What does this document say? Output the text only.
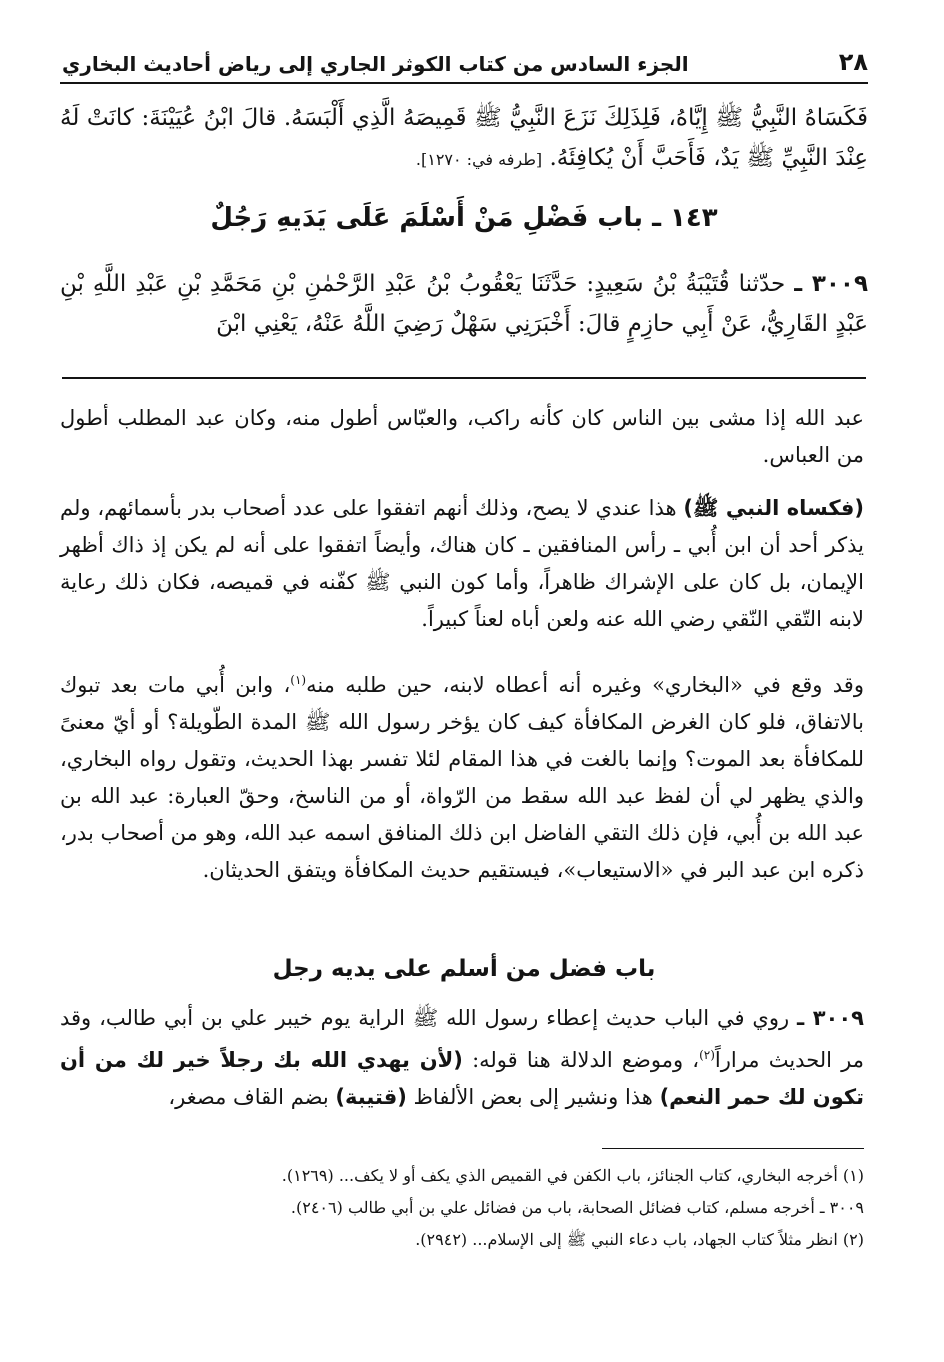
٢٨
الجزء السادس من كتاب الكوثر الجاري إلى رياض أحاديث البخاري
فَكَسَاهُ النَّبِيُّ ﷺ إِيَّاهُ، فَلِذَلِكَ نَزَعَ النَّبِيُّ ﷺ قَمِيصَهُ الَّذِي أَلْبَسَهُ. قالَ ابْنُ عُيَيْنَةَ: كانَتْ لَهُ عِنْدَ النَّبِيِّ ﷺ يَدٌ، فَأَحَبَّ أَنْ يُكافِئَهُ. [طرفه في: ١٢٧٠].
١٤٣ ـ باب فَضْلِ مَنْ أَسْلَمَ عَلَى يَدَيهِ رَجُلٌ
٣٠٠٩ ـ حدّثنا قُتَيْبَةُ بْنُ سَعِيدٍ: حَدَّثَنَا يَعْقُوبُ بْنُ عَبْدِ الرَّحْمٰنِ بْنِ مَحَمَّدِ بْنِ عَبْدِ اللَّهِ بْنِ عَبْدٍ القَارِيُّ، عَنْ أَبِي حازِمٍ قالَ: أَخْبَرَنِي سَهْلٌ رَضِيَ اللَّهُ عَنْهُ، يَعْنِي ابْنَ

عبد الله إذا مشى بين الناس كان كأنه راكب، والعبّاس أطول منه، وكان عبد المطلب أطول من العباس.

(فكساه النبي ﷺ) هذا عندي لا يصح، وذلك أنهم اتفقوا على عدد أصحاب بدر بأسمائهم، ولم يذكر أحد أن ابن أُبي ـ رأس المنافقين ـ كان هناك، وأيضاً اتفقوا على أنه لم يكن إذ ذاك أظهر الإيمان، بل كان على الإشراك ظاهراً، وأما كون النبي ﷺ كفّنه في قميصه، فكان ذلك رعاية لابنه التّقي النّقي رضي الله عنه ولعن أباه لعناً كبيراً.

وقد وقع في «البخاري» وغيره أنه أعطاه لابنه، حين طلبه منه$^{(١)}$، وابن أُبي مات بعد تبوك بالاتفاق، فلو كان الغرض المكافأة كيف كان يؤخر رسول الله ﷺ المدة الطّويلة؟ أو أيّ معنىً للمكافأة بعد الموت؟ وإنما بالغت في هذا المقام لئلا تفسر بهذا الحديث، وتقول رواه البخاري، والذي يظهر لي أن لفظ عبد الله سقط من الرّواة، أو من الناسخ، وحقّ العبارة: عبد الله بن عبد الله بن أُبي، فإن ذلك التقي الفاضل ابن ذلك المنافق اسمه عبد الله، وهو من أصحاب بدر، ذكره ابن عبد البر في «الاستيعاب»، فيستقيم حديث المكافأة ويتفق الحديثان.

باب فضل من أسلم على يديه رجل

٣٠٠٩ ـ روي في الباب حديث إعطاء رسول الله ﷺ الراية يوم خيبر علي بن أبي طالب، وقد مر الحديث مراراً$^{(٢)}$، وموضع الدلالة هنا قوله: (لأن يهدي الله بك رجلاً خير لك من أن تكون لك حمر النعم) هذا ونشير إلى بعض الألفاظ (قتيبة) بضم القاف مصغر،

(١) أخرجه البخاري، كتاب الجنائز، باب الكفن في القميص الذي يكف أو لا يكف... (١٢٦٩).

٣٠٠٩ ـ أخرجه مسلم، كتاب فضائل الصحابة، باب من فضائل علي بن أبي طالب (٢٤٠٦).

(٢) انظر مثلاً كتاب الجهاد، باب دعاء النبي ﷺ إلى الإسلام... (٢٩٤٢).
